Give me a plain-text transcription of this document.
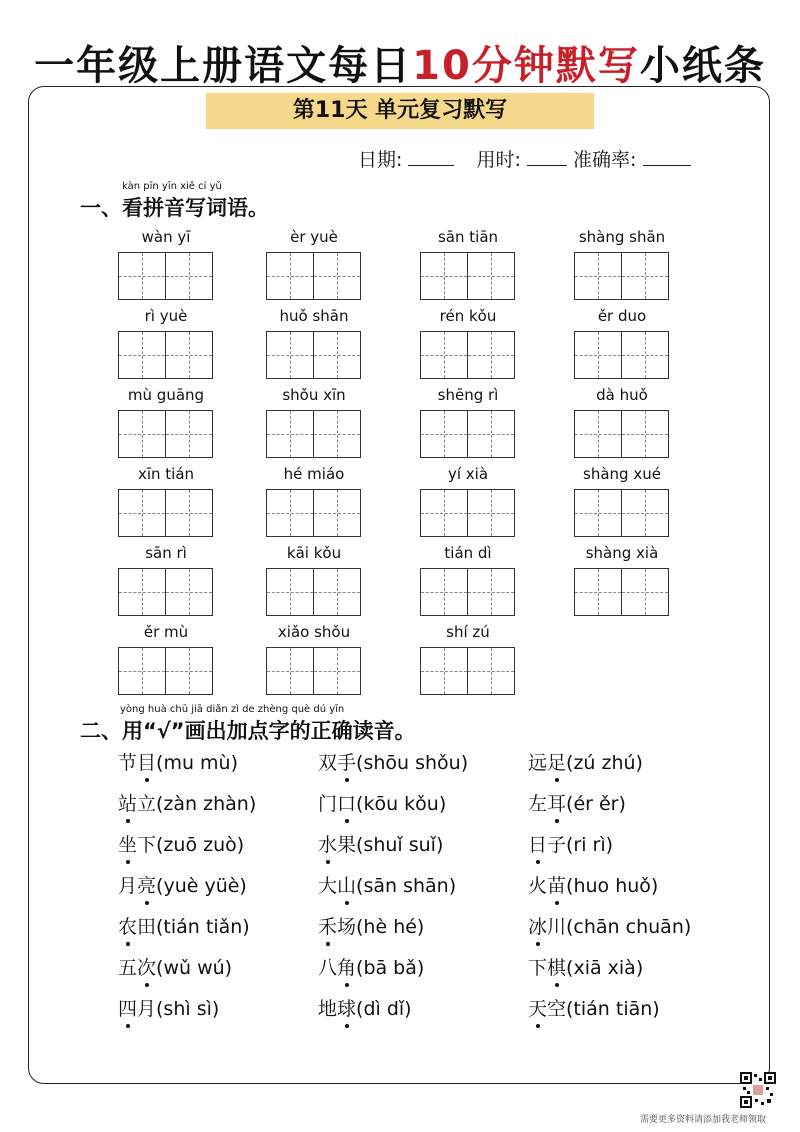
一年级上册语文每日10分钟默写小纸条
第11天 单元复习默写
日期:	用时:	准确率:
kàn pīn yīn xiě cí yǔ
一、看拼音写词语。
wàn yī	èr yuè	sān tiān	shàng shān
rì yuè	huǒ shān	rén kǒu	ěr duo
mù guāng	shǒu xīn	shēng rì	dà huǒ
xīn tián	hé miáo	yí xià	shàng xué
sān rì	kāi kǒu	tián dì	shàng xià
ěr mù	xiǎo shǒu	shí zú
yòng huà chū jiā diǎn zì de zhèng què dú yīn
二、用“√”画出加点字的正确读音。
节目(mu mù)	双手(shōu shǒu)	远足(zú zhú)
站立(zàn zhàn)	门口(kōu kǒu)	左耳(ér ěr)
坐下(zuō zuò)	水果(shuǐ suǐ)	日子(ri rì)
月亮(yuè yüè)	大山(sān shān)	火苗(huo huǒ)
农田(tián tiǎn)	禾场(hè hé)	冰川(chān chuān)
五次(wǔ wú)	八角(bā bǎ)	下棋(xiā xià)
四月(shì sì)	地球(dì dǐ)	天空(tián tiān)
需要更多资料请添加我老师领取
